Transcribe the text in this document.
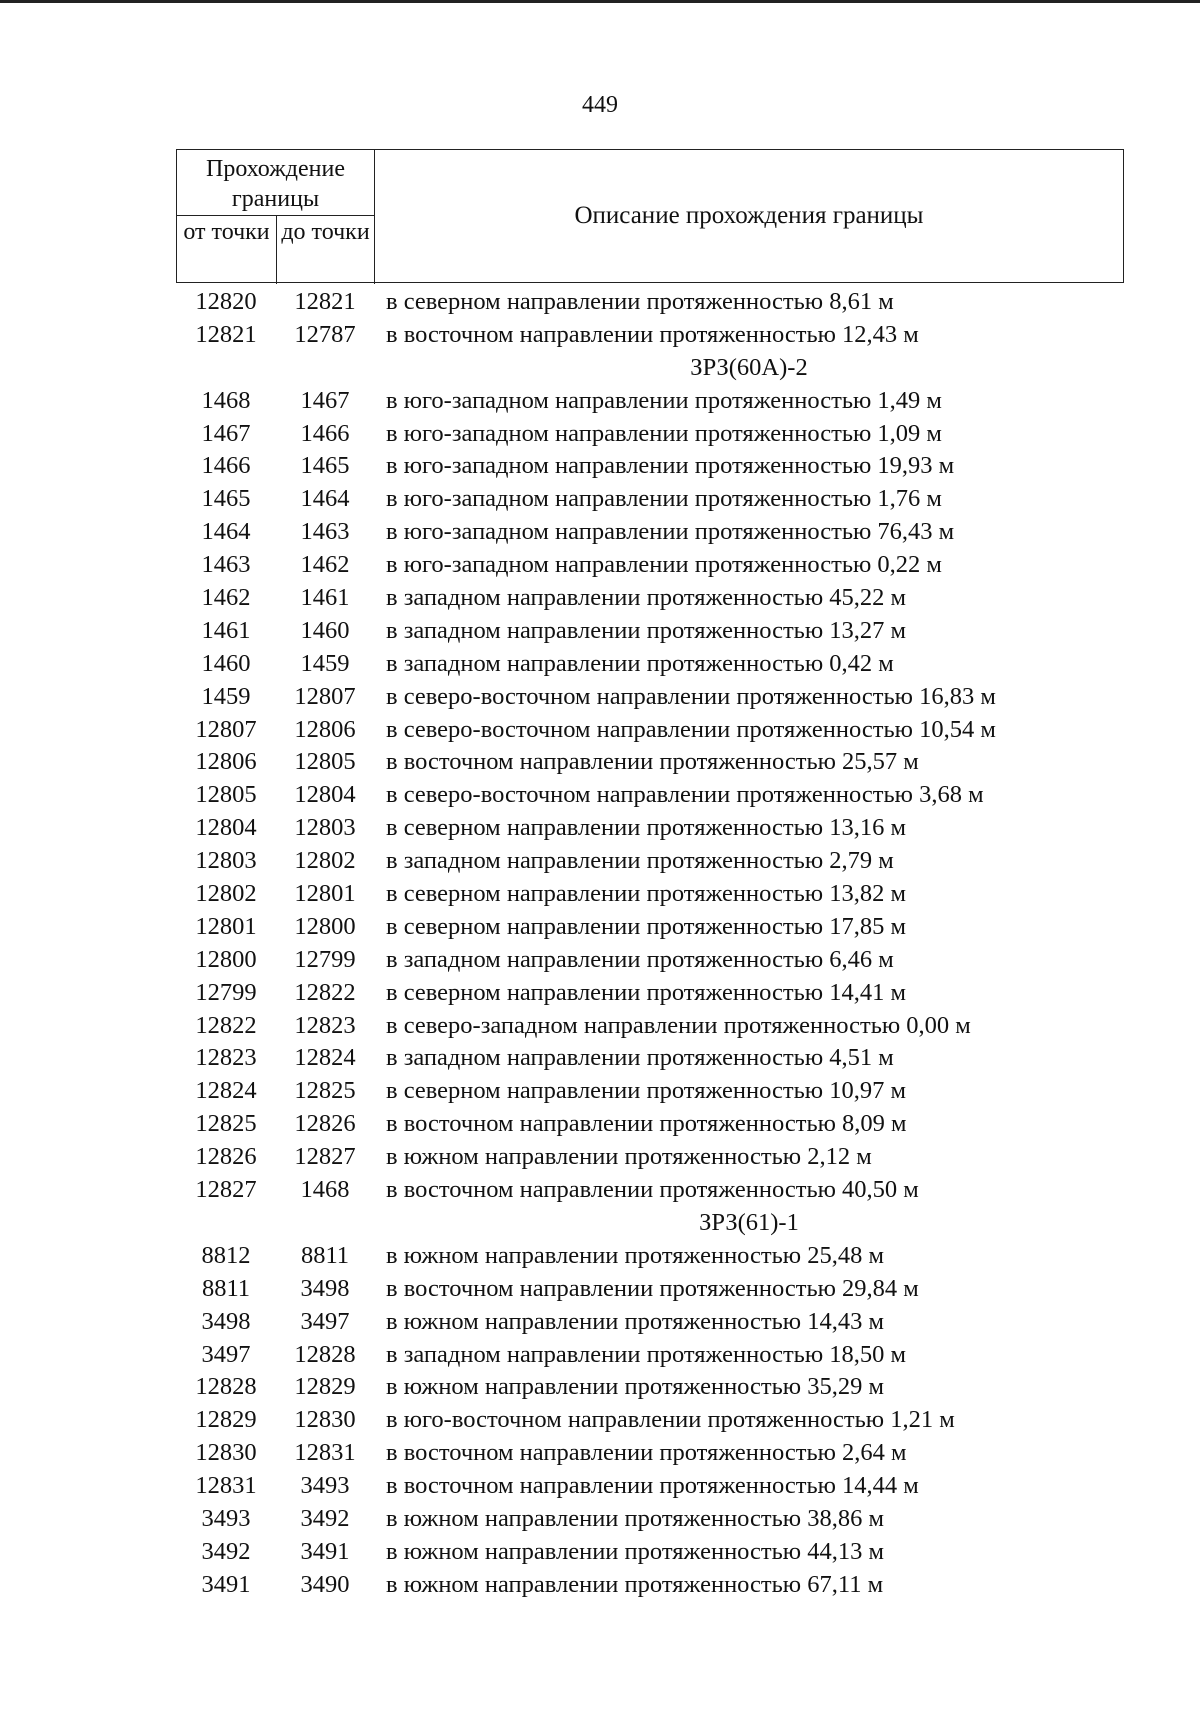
449
Прохождение границы
от точки до точки
Описание прохождения границы
12820	12821	в северном направлении протяженностью 8,61 м
12821	12787	в восточном направлении протяженностью 12,43 м
ЗРЗ(60А)-2
1468	1467	в юго-западном направлении протяженностью 1,49 м
1467	1466	в юго-западном направлении протяженностью 1,09 м
1466	1465	в юго-западном направлении протяженностью 19,93 м
1465	1464	в юго-западном направлении протяженностью 1,76 м
1464	1463	в юго-западном направлении протяженностью 76,43 м
1463	1462	в юго-западном направлении протяженностью 0,22 м
1462	1461	в западном направлении протяженностью 45,22 м
1461	1460	в западном направлении протяженностью 13,27 м
1460	1459	в западном направлении протяженностью 0,42 м
1459	12807	в северо-восточном направлении протяженностью 16,83 м
12807	12806	в северо-восточном направлении протяженностью 10,54 м
12806	12805	в восточном направлении протяженностью 25,57 м
12805	12804	в северо-восточном направлении протяженностью 3,68 м
12804	12803	в северном направлении протяженностью 13,16 м
12803	12802	в западном направлении протяженностью 2,79 м
12802	12801	в северном направлении протяженностью 13,82 м
12801	12800	в северном направлении протяженностью 17,85 м
12800	12799	в западном направлении протяженностью 6,46 м
12799	12822	в северном направлении протяженностью 14,41 м
12822	12823	в северо-западном направлении протяженностью 0,00 м
12823	12824	в западном направлении протяженностью 4,51 м
12824	12825	в северном направлении протяженностью 10,97 м
12825	12826	в восточном направлении протяженностью 8,09 м
12826	12827	в южном направлении протяженностью 2,12 м
12827	1468	в восточном направлении протяженностью 40,50 м
ЗРЗ(61)-1
8812	8811	в южном направлении протяженностью 25,48 м
8811	3498	в восточном направлении протяженностью 29,84 м
3498	3497	в южном направлении протяженностью 14,43 м
3497	12828	в западном направлении протяженностью 18,50 м
12828	12829	в южном направлении протяженностью 35,29 м
12829	12830	в юго-восточном направлении протяженностью 1,21 м
12830	12831	в восточном направлении протяженностью 2,64 м
12831	3493	в восточном направлении протяженностью 14,44 м
3493	3492	в южном направлении протяженностью 38,86 м
3492	3491	в южном направлении протяженностью 44,13 м
3491	3490	в южном направлении протяженностью 67,11 м
